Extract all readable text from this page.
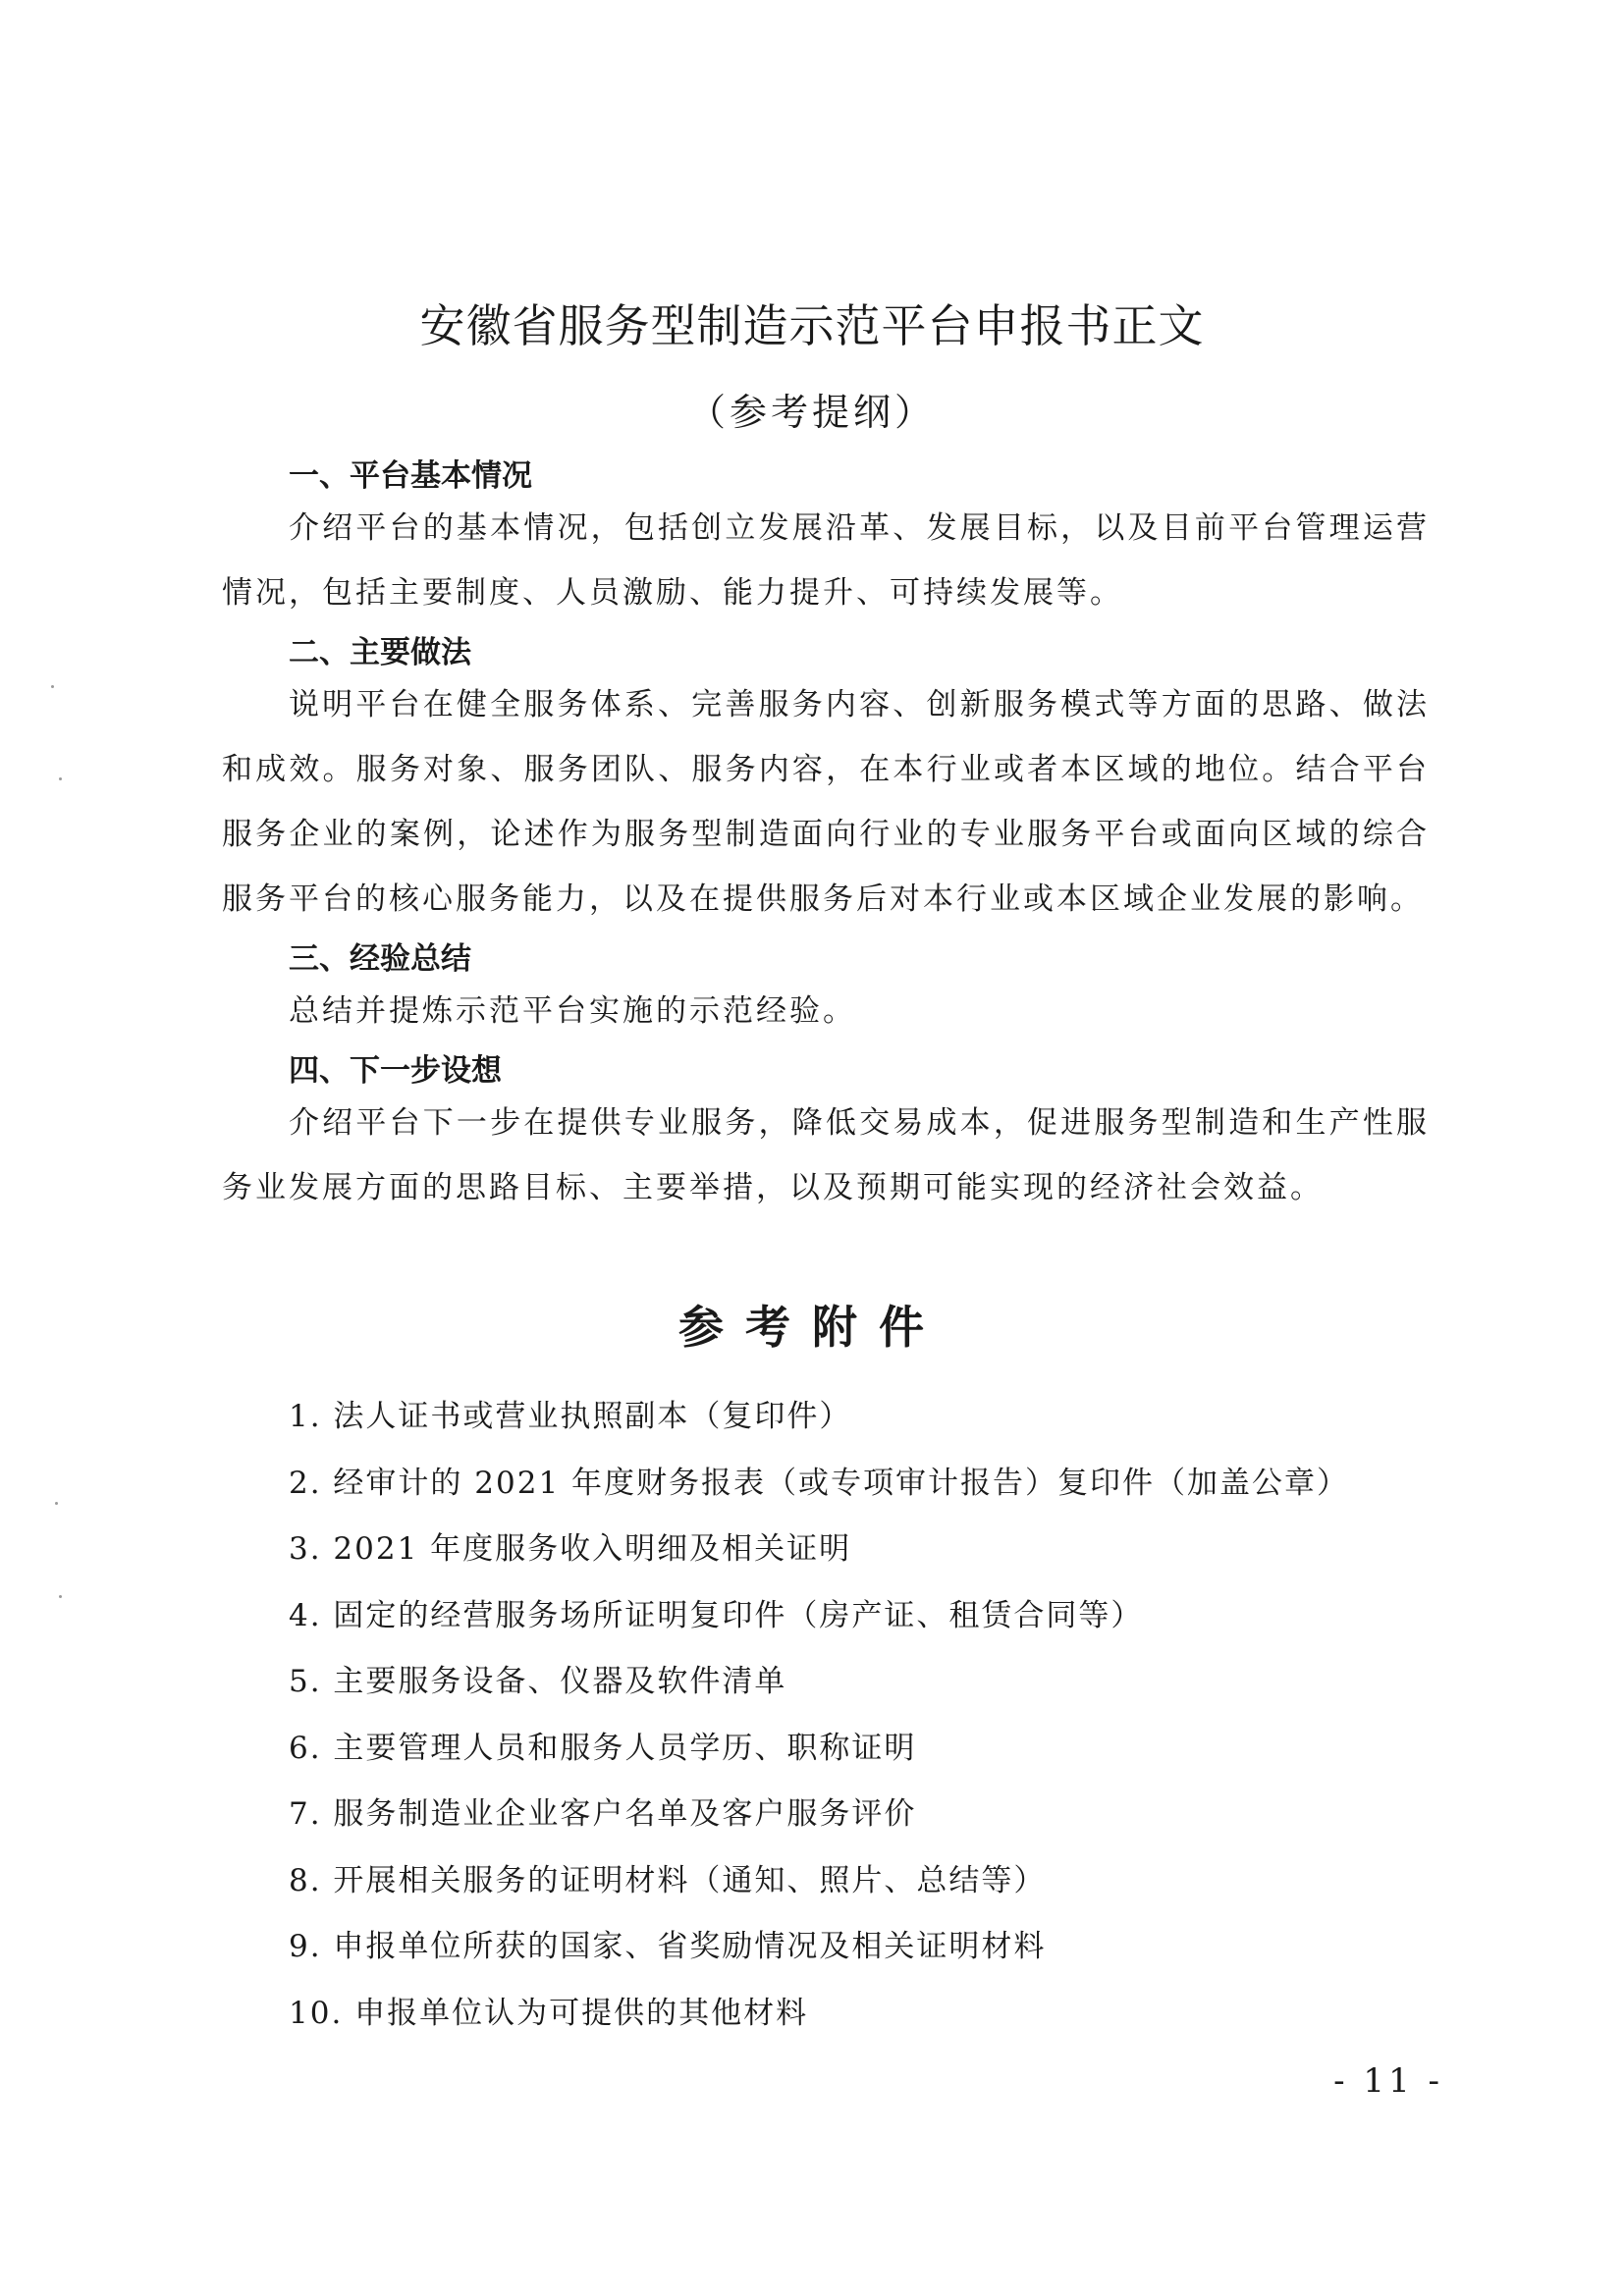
安徽省服务型制造示范平台申报书正文
（参考提纲）

一、平台基本情况

介绍平台的基本情况，包括创立发展沿革、发展目标，以及目前平台管理运营情况，包括主要制度、人员激励、能力提升、可持续发展等。

二、主要做法

说明平台在健全服务体系、完善服务内容、创新服务模式等方面的思路、做法和成效。服务对象、服务团队、服务内容，在本行业或者本区域的地位。结合平台服务企业的案例，论述作为服务型制造面向行业的专业服务平台或面向区域的综合服务平台的核心服务能力，以及在提供服务后对本行业或本区域企业发展的影响。

三、经验总结

总结并提炼示范平台实施的示范经验。

四、下一步设想

介绍平台下一步在提供专业服务，降低交易成本，促进服务型制造和生产性服务业发展方面的思路目标、主要举措，以及预期可能实现的经济社会效益。

参考附件
1. 法人证书或营业执照副本（复印件）
2. 经审计的 2021 年度财务报表（或专项审计报告）复印件（加盖公章）
3. 2021 年度服务收入明细及相关证明
4. 固定的经营服务场所证明复印件（房产证、租赁合同等）
5. 主要服务设备、仪器及软件清单
6. 主要管理人员和服务人员学历、职称证明
7. 服务制造业企业客户名单及客户服务评价
8. 开展相关服务的证明材料（通知、照片、总结等）
9. 申报单位所获的国家、省奖励情况及相关证明材料
10. 申报单位认为可提供的其他材料
- 11 -
